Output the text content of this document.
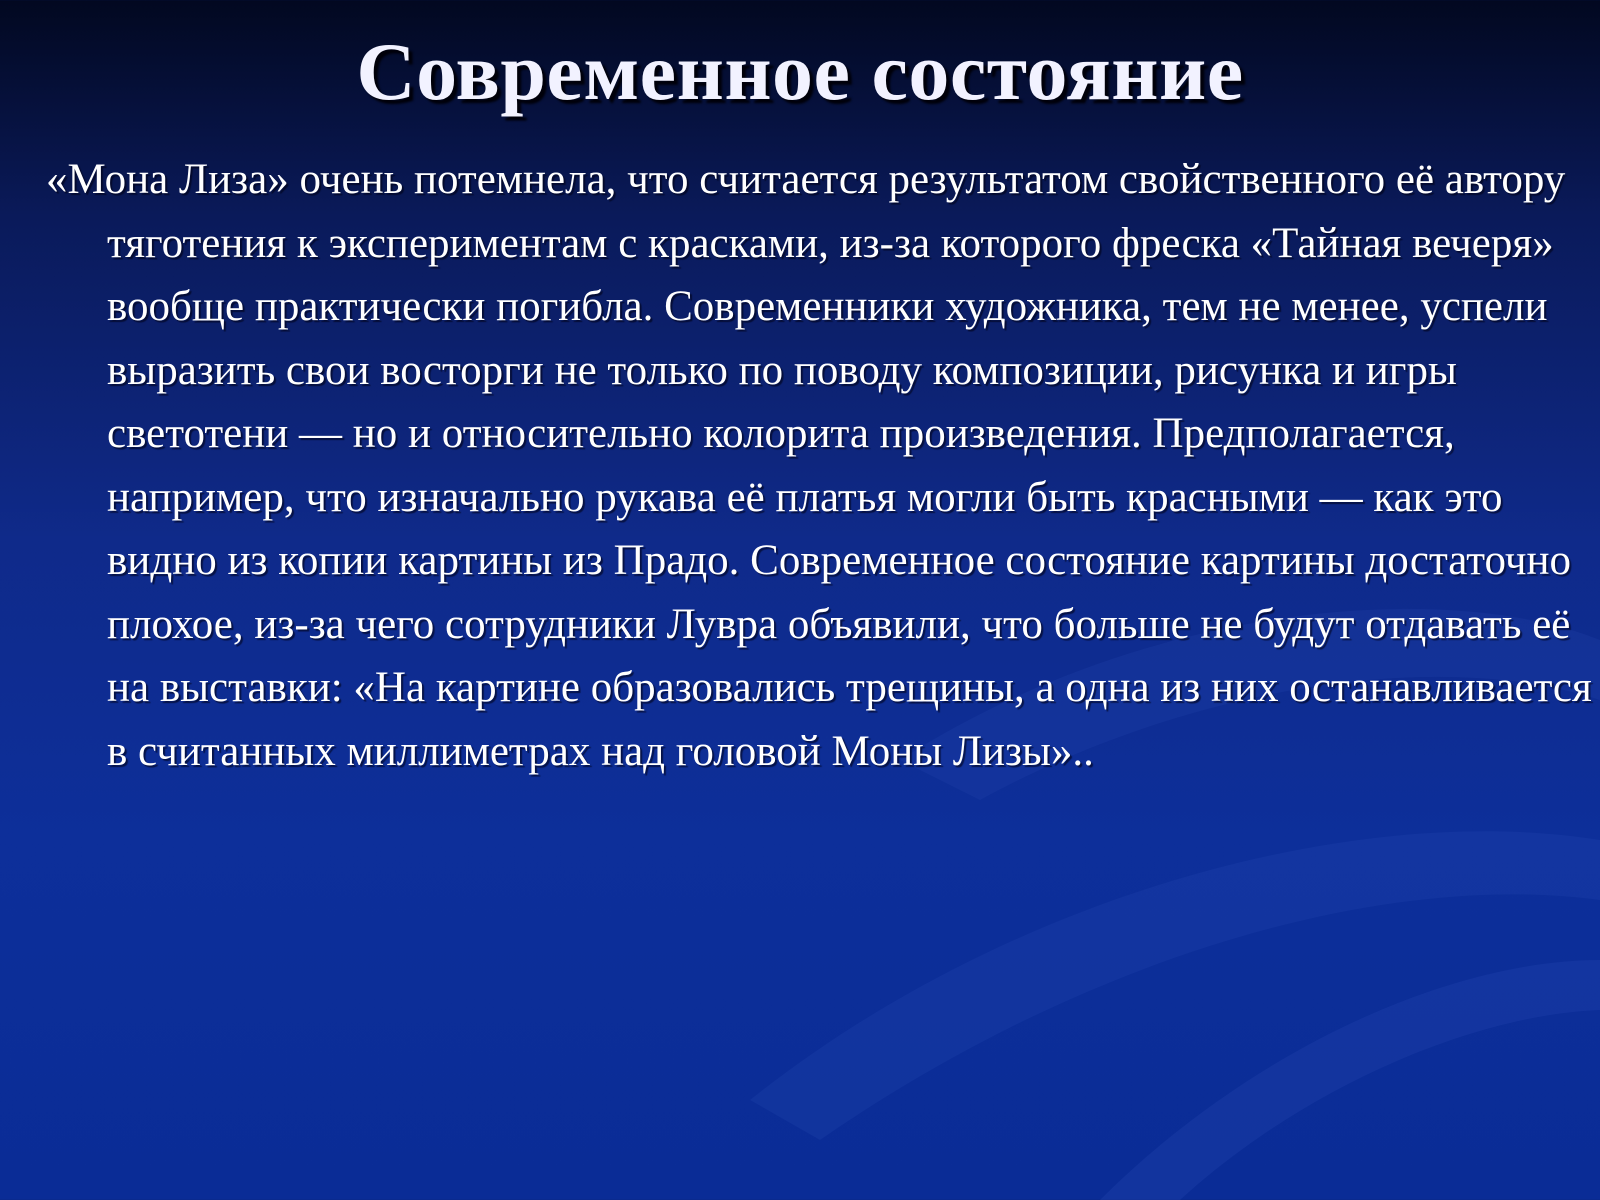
Современное состояние

«Мона Лиза» очень потемнела, что считается результатом свойственного её автору тяготения к экспериментам с красками, из-за которого фреска «Тайная вечеря» вообще практически погибла. Современники художника, тем не менее, успели выразить свои восторги не только по поводу композиции, рисунка и игры светотени — но и относительно колорита произведения. Предполагается, например, что изначально рукава её платья могли быть красными — как это видно из копии картины из Прадо. Современное состояние картины достаточно плохое, из-за чего сотрудники Лувра объявили, что больше не будут отдавать её на выставки: «На картине образовались трещины, а одна из них останавливается в считанных миллиметрах над головой Моны Лизы»..
